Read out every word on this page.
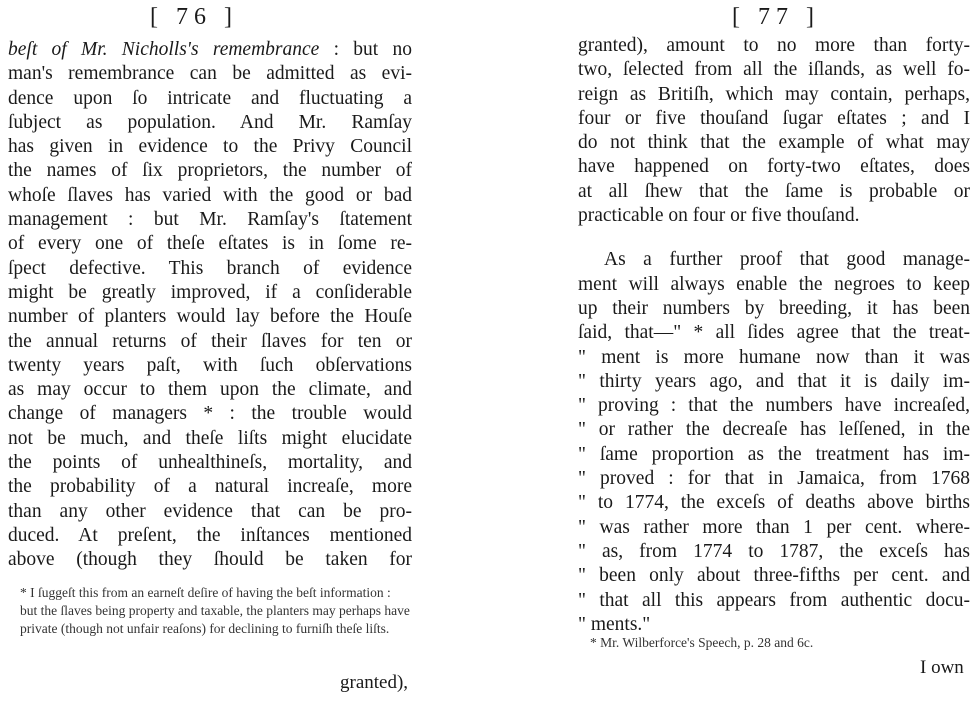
[ 76 ]
beſt of Mr. Nicholls's remembrance : but no
man's remembrance can be admitted as evi-
dence upon ſo intricate and fluctuating a
ſubject as population. And Mr. Ramſay
has given in evidence to the Privy Council
the names of ſix proprietors, the number of
whoſe ſlaves has varied with the good or bad
management : but Mr. Ramſay's ſtatement
of every one of theſe eſtates is in ſome re-
ſpect defective. This branch of evidence
might be greatly improved, if a conſiderable
number of planters would lay before the Houſe
the annual returns of their ſlaves for ten or
twenty years paſt, with ſuch obſervations
as may occur to them upon the climate, and
change of managers * : the trouble would
not be much, and theſe liſts might elucidate
the points of unhealthineſs, mortality, and
the probability of a natural increaſe, more
than any other evidence that can be pro-
duced. At preſent, the inſtances mentioned
above (though they ſhould be taken for
* I ſuggeſt this from an earneſt deſire of having the beſt information : but the ſlaves being property and taxable, the planters may perhaps have private (though not unfair reaſons) for declining to furniſh theſe liſts.
granted),
[ 77 ]
granted), amount to no more than forty-
two, ſelected from all the iſlands, as well fo-
reign as Britiſh, which may contain, perhaps,
four or five thouſand ſugar eſtates ; and I
do not think that the example of what may
have happened on forty-two eſtates, does
at all ſhew that the ſame is probable or
practicable on four or five thouſand.
As a further proof that good manage-
ment will always enable the negroes to keep
up their numbers by breeding, it has been
ſaid, that—" * all ſides agree that the treat-
" ment is more humane now than it was
" thirty years ago, and that it is daily im-
" proving : that the numbers have increaſed,
" or rather the decreaſe has leſſened, in the
" ſame proportion as the treatment has im-
" proved : for that in Jamaica, from 1768
" to 1774, the exceſs of deaths above births
" was rather more than 1 per cent. where-
" as, from 1774 to 1787, the exceſs has
" been only about three-fifths per cent. and
" that all this appears from authentic docu-
" ments."
* Mr. Wilberforce's Speech, p. 28 and 6c.
I own
